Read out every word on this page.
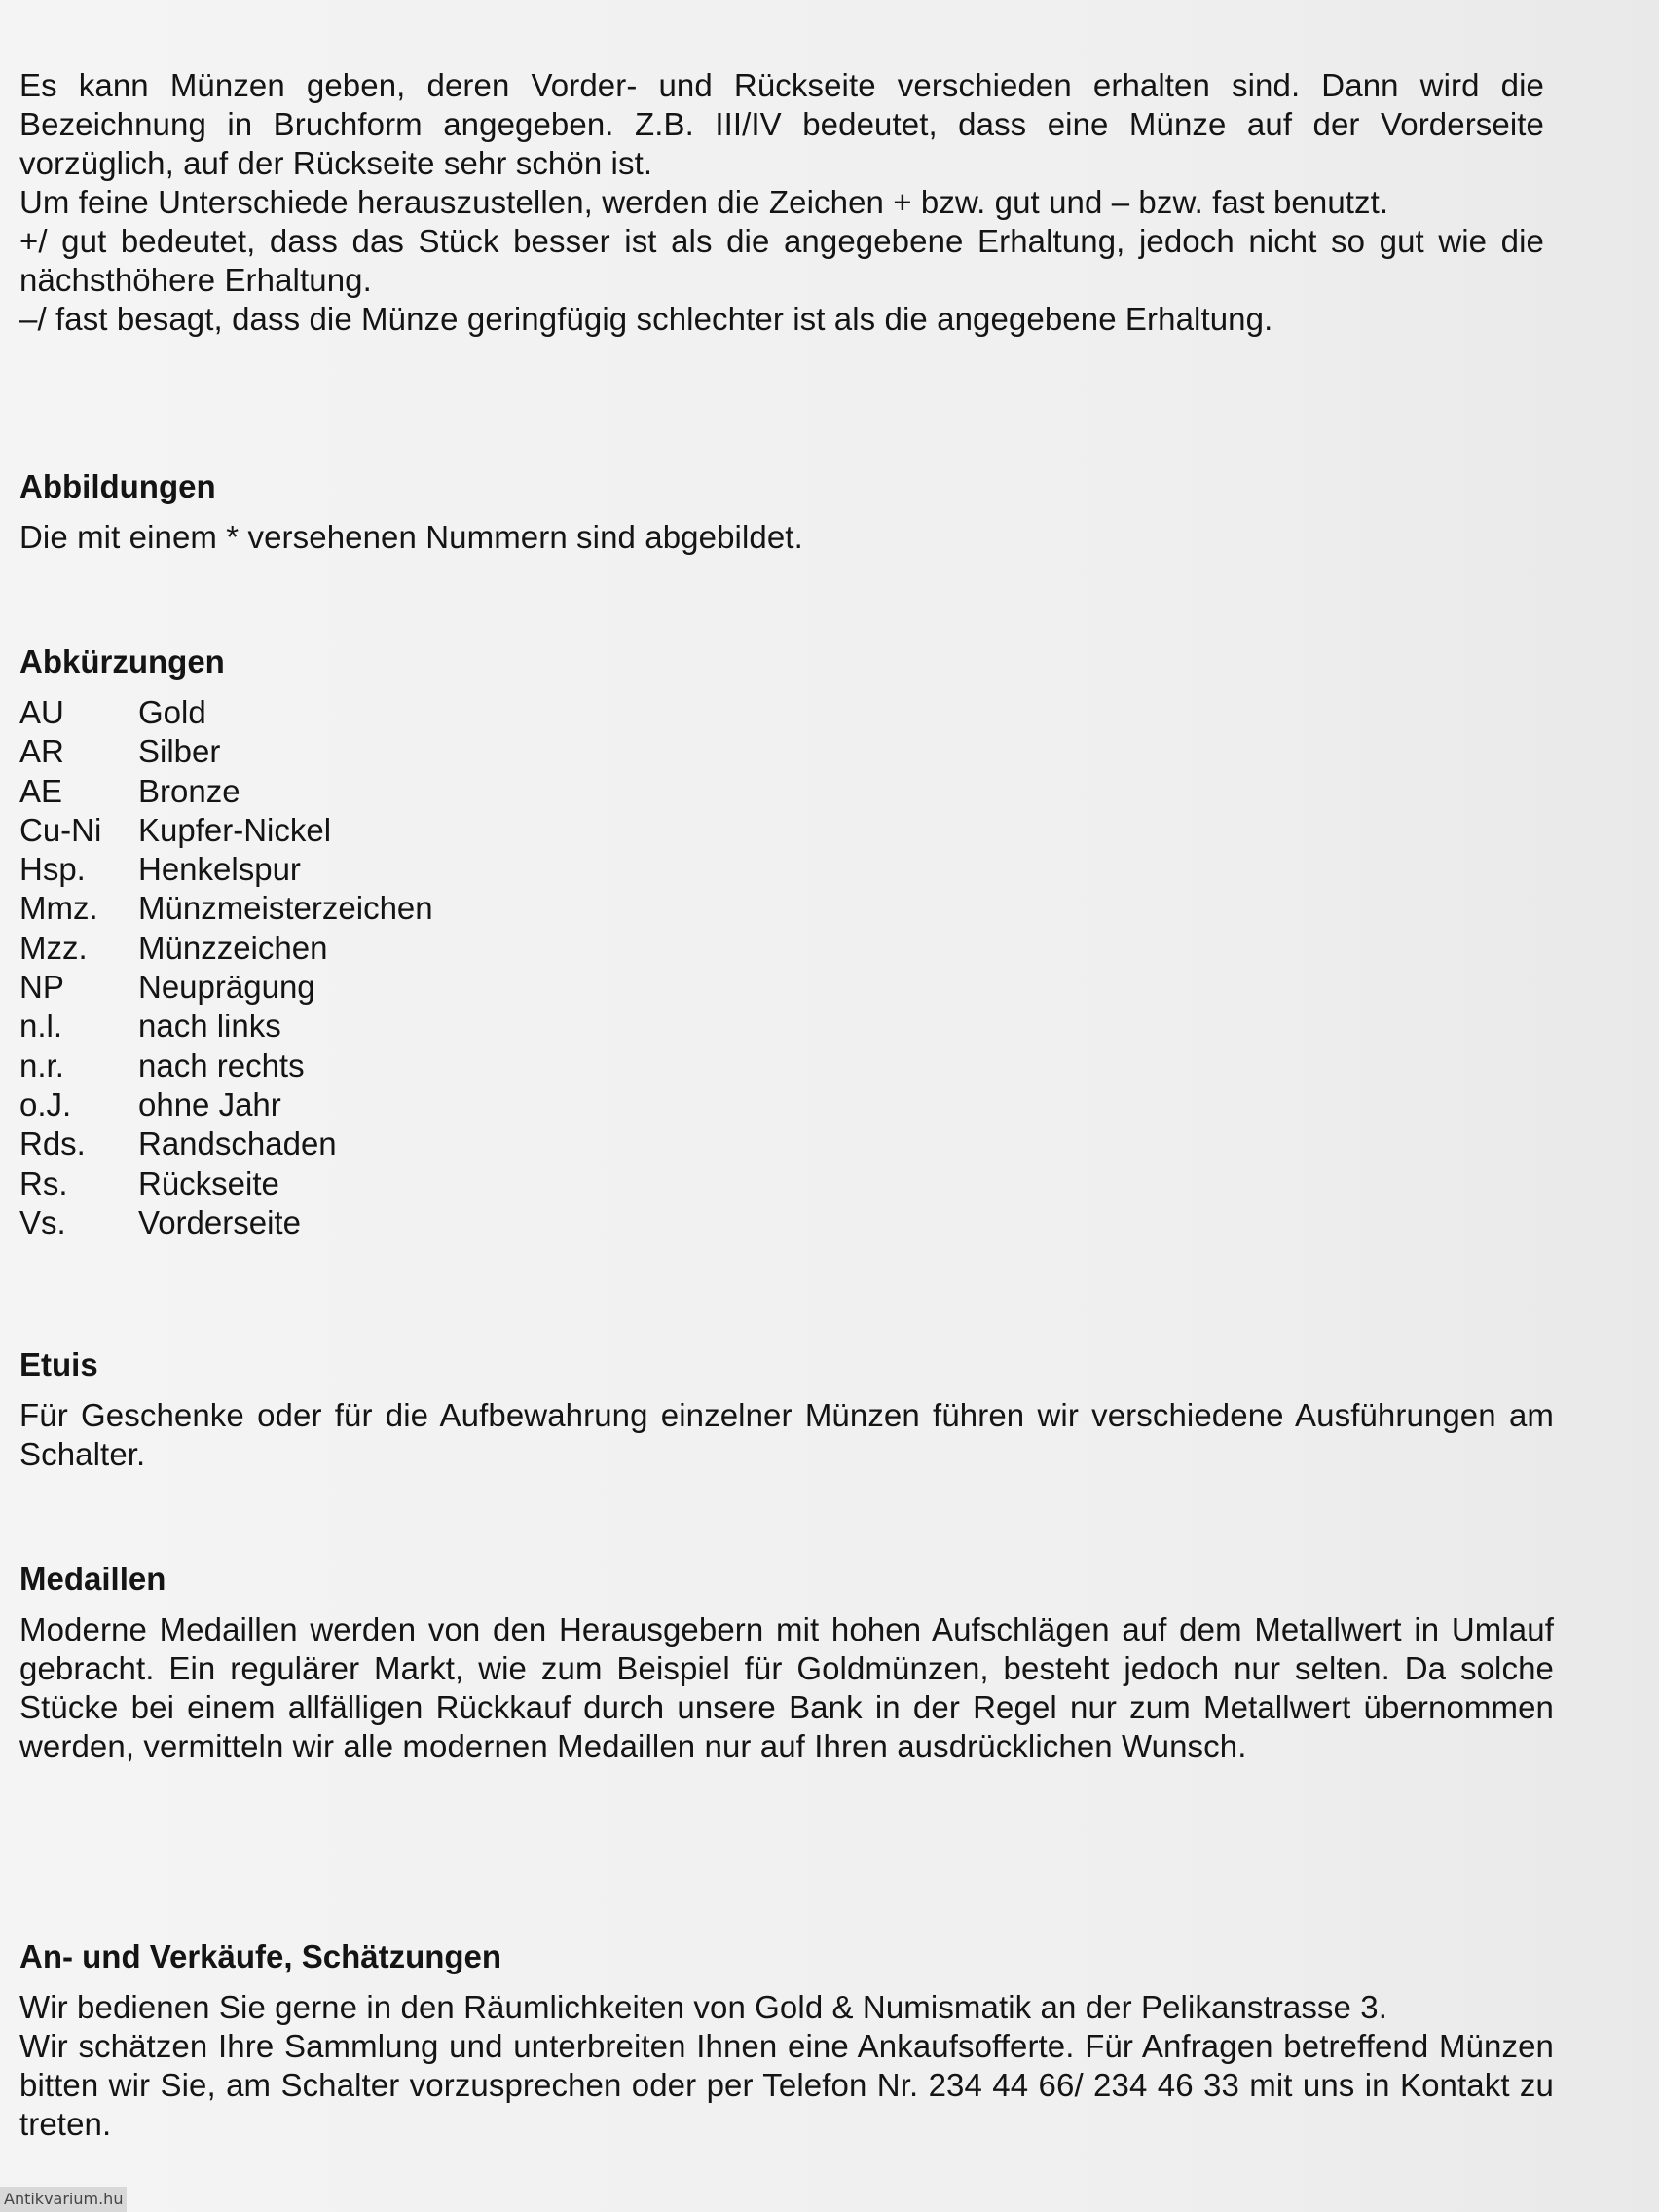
Es kann Münzen geben, deren Vorder- und Rückseite verschieden erhalten sind. Dann wird die Bezeichnung in Bruchform angegeben. Z.B. III/IV bedeutet, dass eine Münze auf der Vorderseite vorzüglich, auf der Rückseite sehr schön ist.

Um feine Unterschiede herauszustellen, werden die Zeichen + bzw. gut und – bzw. fast benutzt.

+/ gut bedeutet, dass das Stück besser ist als die angegebene Erhaltung, jedoch nicht so gut wie die nächsthöhere Erhaltung.

–/ fast besagt, dass die Münze geringfügig schlechter ist als die angegebene Erhaltung.

Abbildungen

Die mit einem * versehenen Nummern sind abgebildet.

Abkürzungen
AU	Gold
AR	Silber
AE	Bronze
Cu-Ni	Kupfer-Nickel
Hsp.	Henkelspur
Mmz.	Münzmeisterzeichen
Mzz.	Münzzeichen
NP	Neuprägung
n.l.	nach links
n.r.	nach rechts
o.J.	ohne Jahr
Rds.	Randschaden
Rs.	Rückseite
Vs.	Vorderseite
Etuis

Für Geschenke oder für die Aufbewahrung einzelner Münzen führen wir verschiedene Ausführungen am Schalter.

Medaillen

Moderne Medaillen werden von den Herausgebern mit hohen Aufschlägen auf dem Metallwert in Umlauf gebracht. Ein regulärer Markt, wie zum Beispiel für Goldmünzen, besteht jedoch nur selten. Da solche Stücke bei einem allfälligen Rückkauf durch unsere Bank in der Regel nur zum Metallwert übernommen werden, vermitteln wir alle modernen Medaillen nur auf Ihren ausdrücklichen Wunsch.

An- und Verkäufe, Schätzungen

Wir bedienen Sie gerne in den Räumlichkeiten von Gold & Numismatik an der Pelikanstrasse 3.

Wir schätzen Ihre Sammlung und unterbreiten Ihnen eine Ankaufsofferte. Für Anfragen betreffend Münzen bitten wir Sie, am Schalter vorzusprechen oder per Telefon Nr. 234 44 66/ 234 46 33 mit uns in Kontakt zu treten.

Antikvarium.hu
